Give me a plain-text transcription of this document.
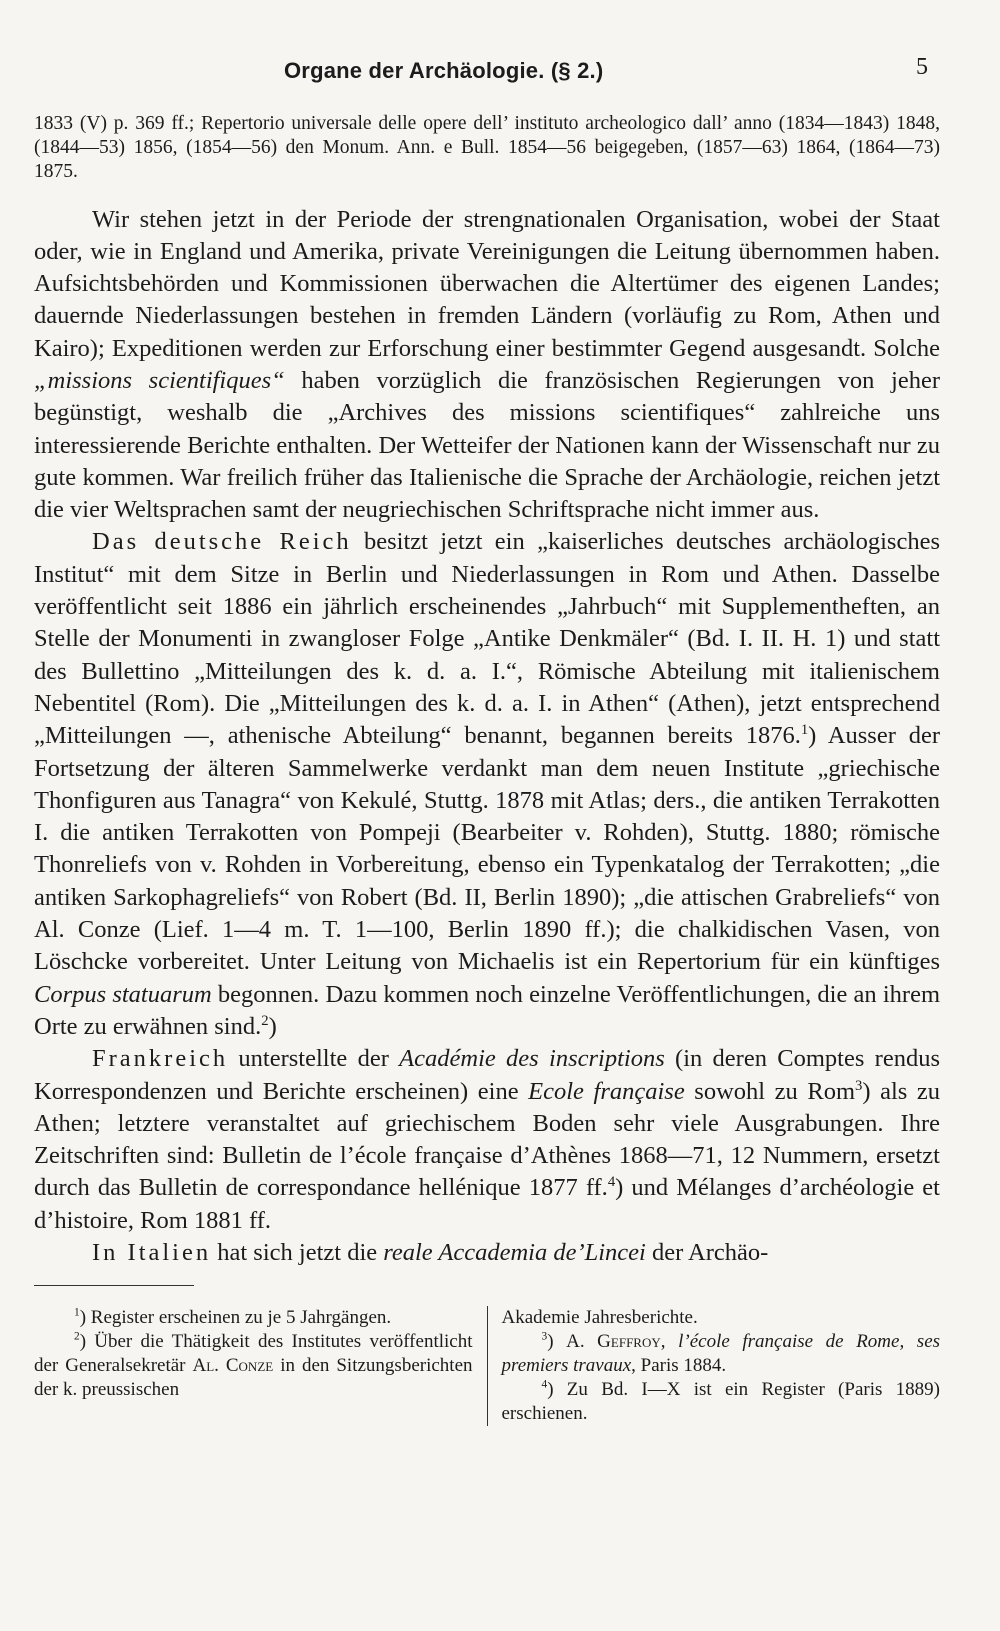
Organe der Archäologie. (§ 2.)	5

1833 (V) p. 369 ff.; Repertorio universale delle opere dell’ instituto archeologico dall’ anno (1834—1843) 1848, (1844—53) 1856, (1854—56) den Monum. Ann. e Bull. 1854—56 beigegeben, (1857—63) 1864, (1864—73) 1875.

Wir stehen jetzt in der Periode der strengnationalen Organisation, wobei der Staat oder, wie in England und Amerika, private Vereinigungen die Leitung übernommen haben. Aufsichtsbehörden und Kommissionen überwachen die Altertümer des eigenen Landes; dauernde Niederlassungen bestehen in fremden Ländern (vorläufig zu Rom, Athen und Kairo); Expeditionen werden zur Erforschung einer bestimmter Gegend ausgesandt. Solche „missions scientifiques“ haben vorzüglich die französischen Regierungen von jeher begünstigt, weshalb die „Archives des missions scientifiques“ zahlreiche uns interessierende Berichte enthalten. Der Wetteifer der Nationen kann der Wissenschaft nur zu gute kommen. War freilich früher das Italienische die Sprache der Archäologie, reichen jetzt die vier Weltsprachen samt der neugriechischen Schriftsprache nicht immer aus.

Das deutsche Reich besitzt jetzt ein „kaiserliches deutsches archäologisches Institut“ mit dem Sitze in Berlin und Niederlassungen in Rom und Athen. Dasselbe veröffentlicht seit 1886 ein jährlich erscheinendes „Jahrbuch“ mit Supplementheften, an Stelle der Monumenti in zwangloser Folge „Antike Denkmäler“ (Bd. I. II. H. 1) und statt des Bullettino „Mitteilungen des k. d. a. I.“, Römische Abteilung mit italienischem Nebentitel (Rom). Die „Mitteilungen des k. d. a. I. in Athen“ (Athen), jetzt entsprechend „Mitteilungen —, athenische Abteilung“ benannt, begannen bereits 1876.$^1$) Ausser der Fortsetzung der älteren Sammelwerke verdankt man dem neuen Institute „griechische Thonfiguren aus Tanagra“ von Kekulé, Stuttg. 1878 mit Atlas; ders., die antiken Terrakotten I. die antiken Terrakotten von Pompeji (Bearbeiter v. Rohden), Stuttg. 1880; römische Thonreliefs von v. Rohden in Vorbereitung, ebenso ein Typenkatalog der Terrakotten; „die antiken Sarkophagreliefs“ von Robert (Bd. II, Berlin 1890); „die attischen Grabreliefs“ von Al. Conze (Lief. 1—4 m. T. 1—100, Berlin 1890 ff.); die chalkidischen Vasen, von Löschcke vorbereitet. Unter Leitung von Michaelis ist ein Repertorium für ein künftiges Corpus statuarum begonnen. Dazu kommen noch einzelne Veröffentlichungen, die an ihrem Orte zu erwähnen sind.$^2$)

Frankreich unterstellte der Académie des inscriptions (in deren Comptes rendus Korrespondenzen und Berichte erscheinen) eine Ecole française sowohl zu Rom$^3$) als zu Athen; letztere veranstaltet auf griechischem Boden sehr viele Ausgrabungen. Ihre Zeitschriften sind: Bulletin de l’école française d’Athènes 1868—71, 12 Nummern, ersetzt durch das Bulletin de correspondance hellénique 1877 ff.$^4$) und Mélanges d’archéologie et d’histoire, Rom 1881 ff.

In Italien hat sich jetzt die reale Accademia de’Lincei der Archäo-

$^1$) Register erscheinen zu je 5 Jahrgängen.

$^2$) Über die Thätigkeit des Institutes veröffentlicht der Generalsekretär Al. Conze in den Sitzungsberichten der k. preussischen

Akademie Jahresberichte.

$^3$) A. Geffroy, l’école française de Rome, ses premiers travaux, Paris 1884.

$^4$) Zu Bd. I—X ist ein Register (Paris 1889) erschienen.
